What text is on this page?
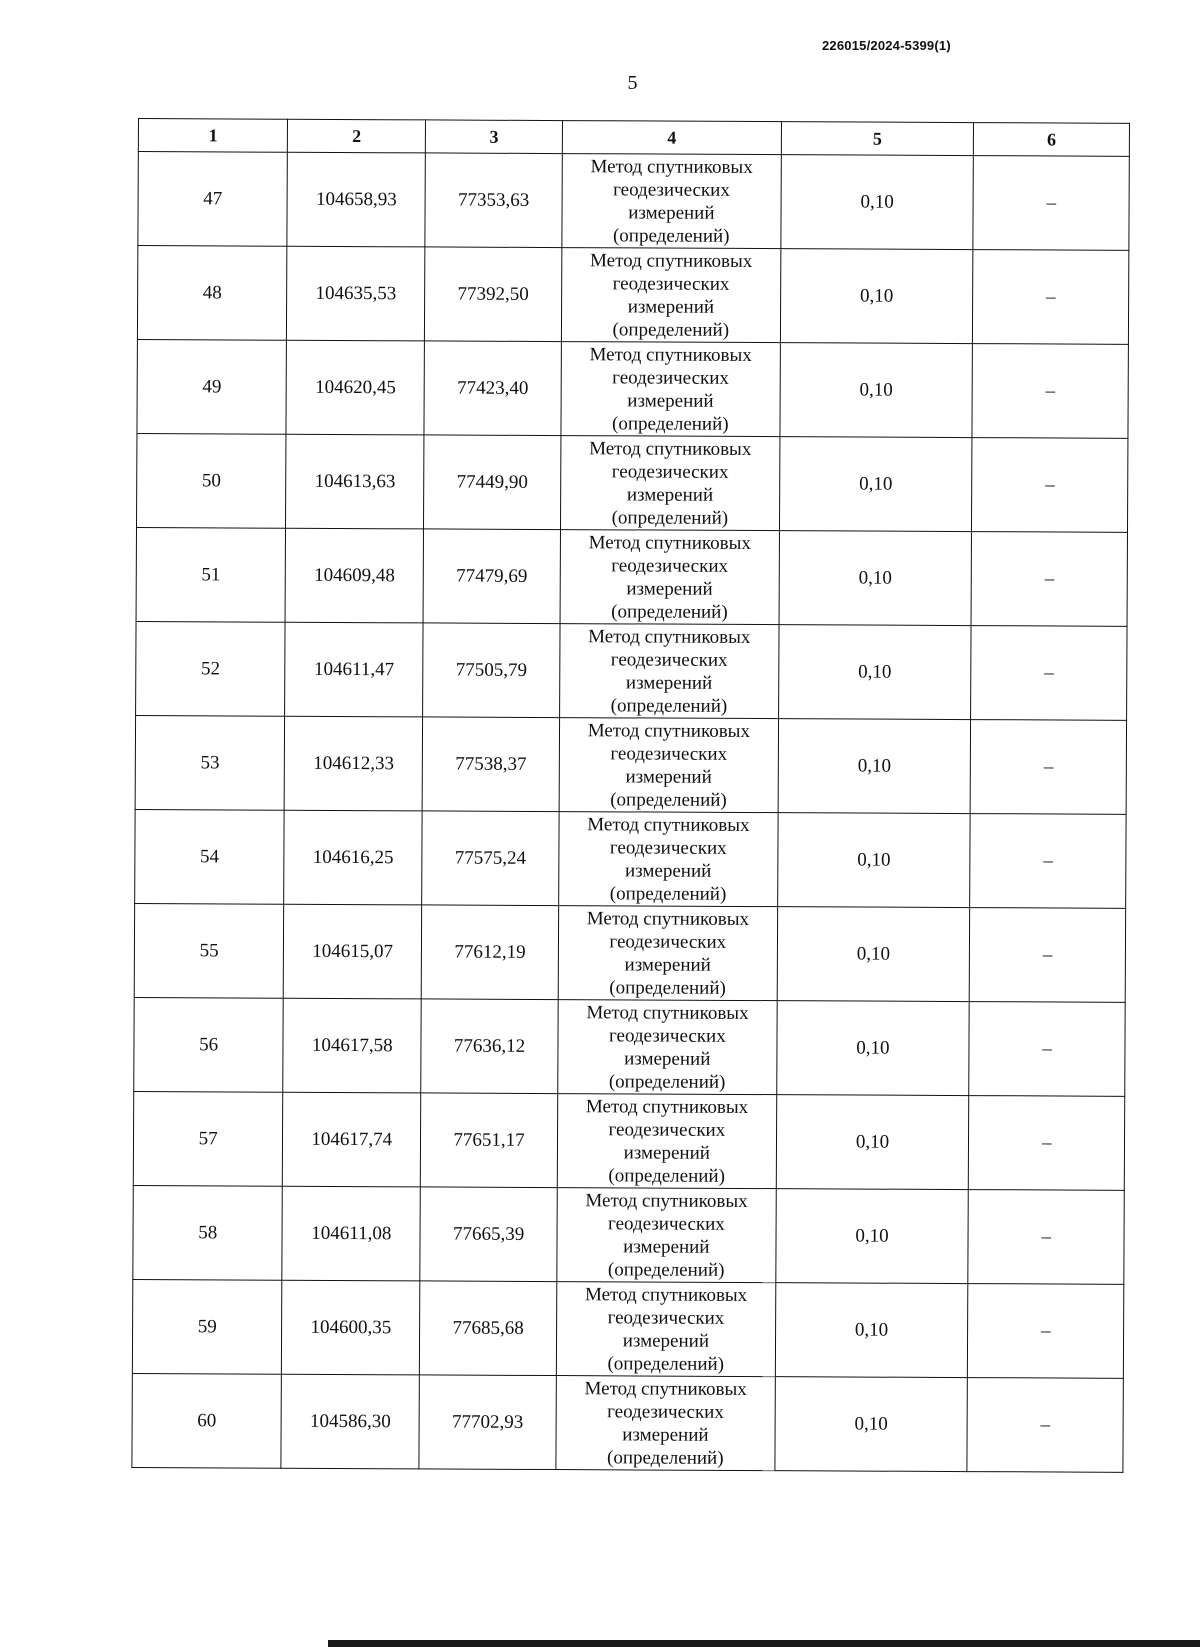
226015/2024-5399(1)
5
1	2	3	4	5	6
47	104658,93	77353,63	Метод спутниковых
геодезических
измерений
(определений)	0,10	–
48	104635,53	77392,50	Метод спутниковых
геодезических
измерений
(определений)	0,10	–
49	104620,45	77423,40	Метод спутниковых
геодезических
измерений
(определений)	0,10	–
50	104613,63	77449,90	Метод спутниковых
геодезических
измерений
(определений)	0,10	–
51	104609,48	77479,69	Метод спутниковых
геодезических
измерений
(определений)	0,10	–
52	104611,47	77505,79	Метод спутниковых
геодезических
измерений
(определений)	0,10	–
53	104612,33	77538,37	Метод спутниковых
геодезических
измерений
(определений)	0,10	–
54	104616,25	77575,24	Метод спутниковых
геодезических
измерений
(определений)	0,10	–
55	104615,07	77612,19	Метод спутниковых
геодезических
измерений
(определений)	0,10	–
56	104617,58	77636,12	Метод спутниковых
геодезических
измерений
(определений)	0,10	–
57	104617,74	77651,17	Метод спутниковых
геодезических
измерений
(определений)	0,10	–
58	104611,08	77665,39	Метод спутниковых
геодезических
измерений
(определений)	0,10	–
59	104600,35	77685,68	Метод спутниковых
геодезических
измерений
(определений)	0,10	–
60	104586,30	77702,93	Метод спутниковых
геодезических
измерений
(определений)	0,10	–
